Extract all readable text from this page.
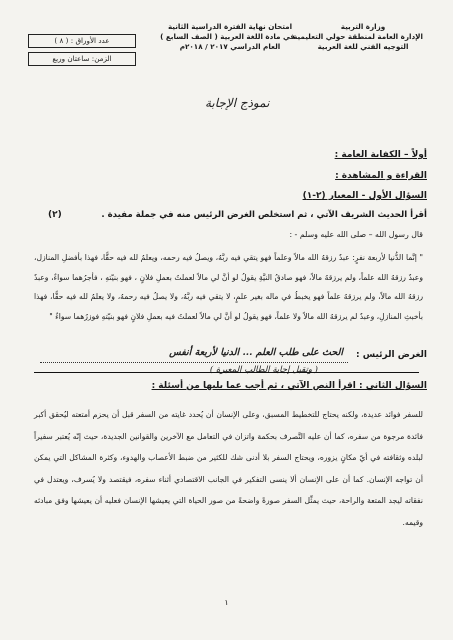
وزارة التربية
الإدارة العامة لمنطقة حولي التعليمية
التوجيه الفني للغة العربية
امتحان نهاية الفترة الدراسية الثانية
في مادة اللغة العربية ( الصف السابع )
العام الدراسي ٢٠١٧ / ٢٠١٨م
عدد الأوراق : ( ٨ )
الزمن: ساعتان وربع
نموذج الإجابة
أولاً – الكفاية العامة :
القراءة و المشاهدة :
السؤال الأول - المعيار (٢-١)
أقرأ الحديث الشريف الآتي ، ثم استخلص الغرض الرئيس منه في جملة مفيدة .
(٢)
قال رسول الله – صلى الله عليه وسلم - :
" إنَّما الدُّنيا لأربعة نفرٍ: عبدٌ رزقهُ الله مالاً وعلماً فهو يتقي فيه ربَّهُ، ويصلُ فيه رحمه، ويعلمُ لله فيه حقًّا، فهذا بأفضلِ المنازل، وعبدٌ رزقهُ الله علماً، ولم يرزقهُ مالاً، فهو صادقُ النيَّةِ يقولُ لو أنَّ لي مالاً لعملتُ بعملِ فلانٍ ، فهو بنيّتهِ ، فأجرُهما سواءٌ، وعبدٌ رزقهُ الله مالاً، ولم يرزقهُ علماً فهو يخبطُ في ماله بغير علمٍ، لا يتقي فيه ربَّهُ، ولا يصلُ فيه رحمهُ، ولا يعلمُ لله فيه حقًّا، فهذا بأخبثِ المنازلِ، وعبدٌ لم يرزقهُ الله مالاً ولا علماً، فهو يقولُ لو أنَّ لي مالاً لعملتُ فيه بعملِ فلانٍ فهو بنيّتهِ فوزرُهما سواءٌ "
الغرض الرئيس :
الحث على طلب العلم ... الدنيا لأربعة أنفس
( وتقبل إجابة الطالب المعبرة )
السؤال الثاني : اقرأ النص الآتي ، ثم أجب عما يليها من أسئلة :
للسفر فوائد عديدة، ولكنه يحتاج للتخطيط المسبق، وعلى الإنسان أن يُحدد غايته من السفر قبل أن يحزم أمتعته ليُحقق أكبر فائدة مرجوة من سفره، كما أن عليه التَّصرف بحكمة واتزان في التعامل مع الآخرين والقوانين الجديدة، حيث إنّه يُعتبر سفيراً لبلده وثقافته في أيّ مكانٍ يزوره، ويحتاج السفر بلا أدنى شك للكثير من ضبط الأعصاب والهدوء، وكثرة المشاكل التي يمكن أن تواجه الإنسان. كما أن على الإنسان ألا ينسى التفكير في الجانب الاقتصادي أثناء سفره، فيقتصد ولا يُسرف، ويعتدل في نفقاته ليجد المتعة والراحة، حيث يمثِّل السفر صورةً واضحةً من صور الحياة التي يعيشها الإنسان فعليه أن يعيشها وفق مبادئه وقيمه.
١
